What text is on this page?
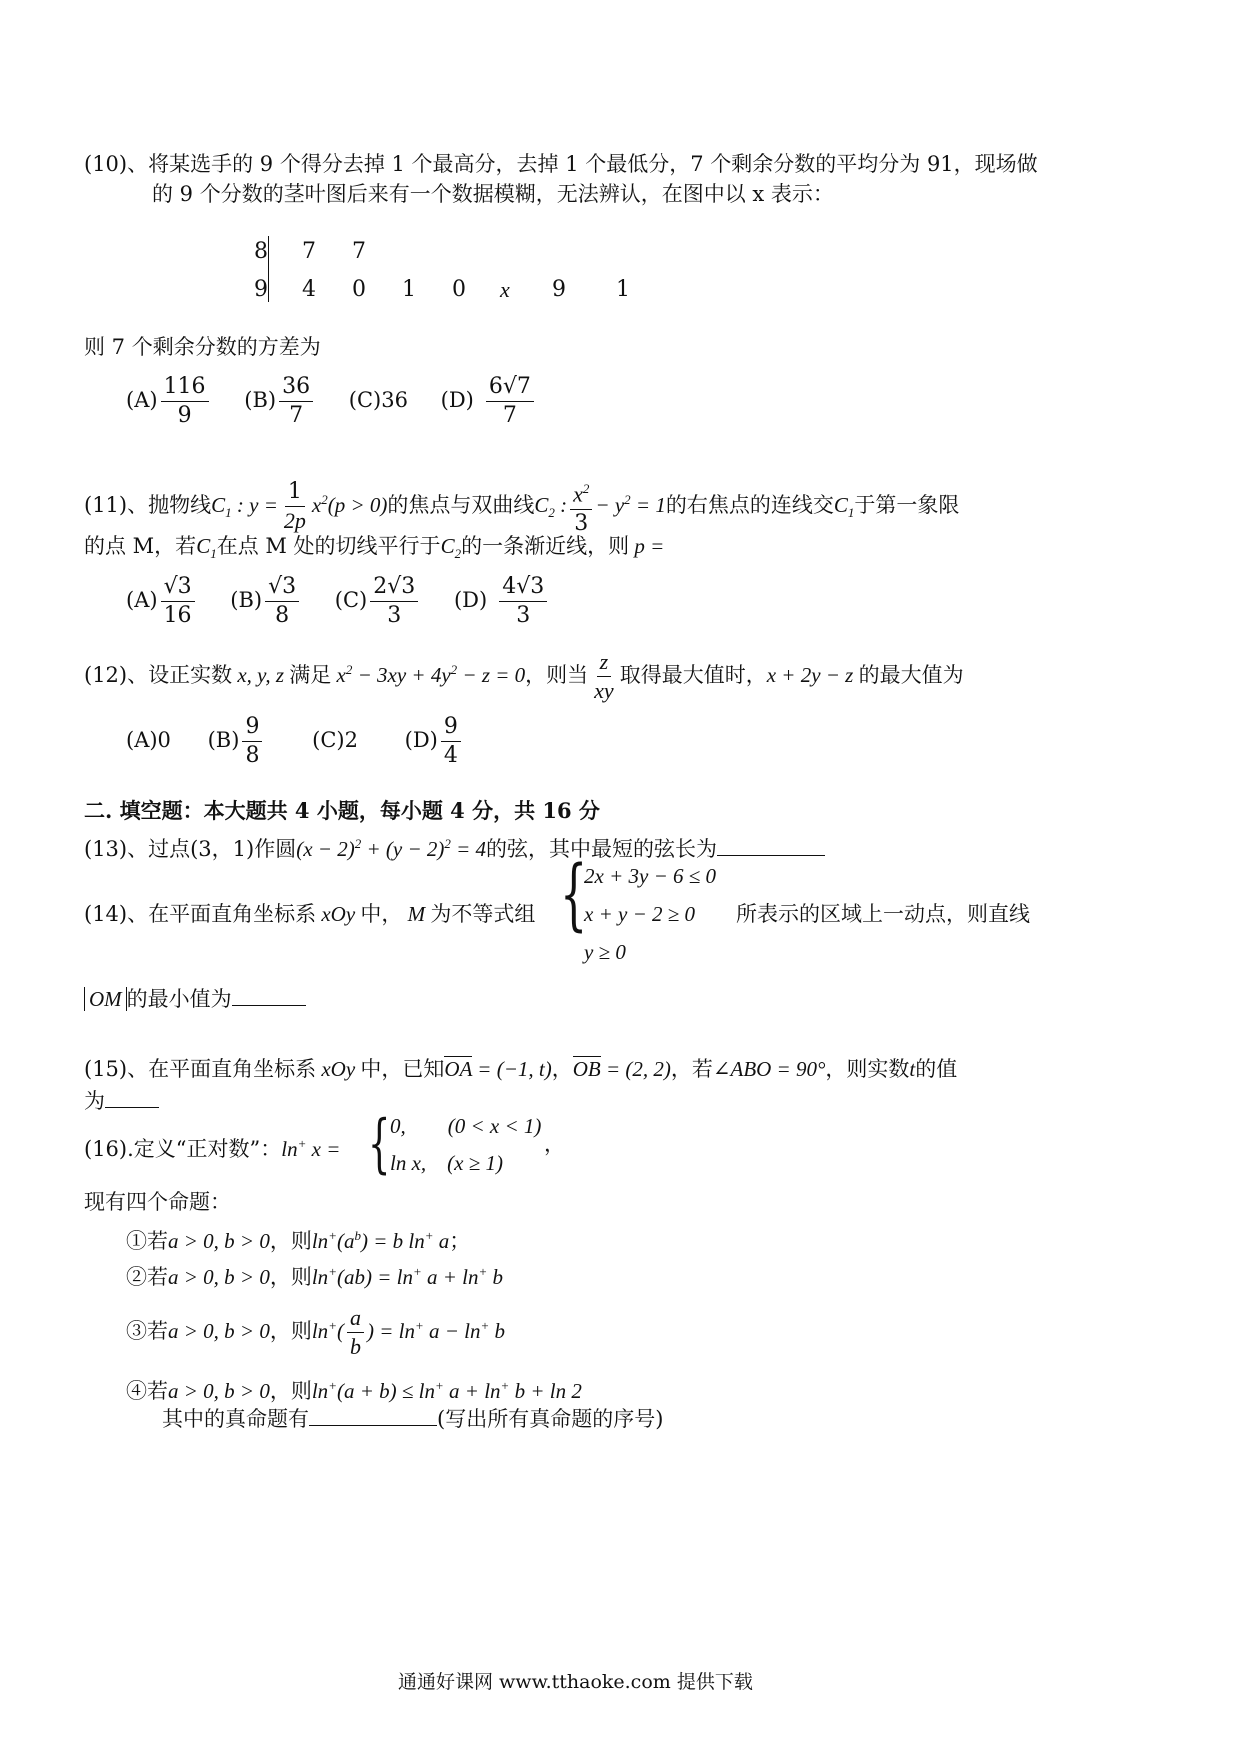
(10)、将某选手的 9 个得分去掉 1 个最高分，去掉 1 个最低分，7 个剩余分数的平均分为 91，现场做
的 9 个分数的茎叶图后来有一个数据模糊，无法辨认，在图中以 x 表示：
8 7 7
9 4 0 1 0 x 9 1
则 7 个剩余分数的方差为
$(A) \frac{116}{9} (B) \frac{36}{7} (C)36$ $(D) \frac{6√7}{7}$
(11)、抛物线$C_1$ : $y = \frac{1}{2p} x^2(p > 0)$的焦点与双曲线$C_2$ : $\frac{x^2}{3} - y^2 = 1$的右焦点的连线交$C_1$于第一象限
的点 M，若$C_1$在点 M 处的切线平行于$C_2$的一条渐近线，则 p =
$(A) \frac{√3}{16} (B) \frac{√3}{8} (C) \frac{2√3}{3} (D) \frac{4√3}{3}$
(12)、设正实数 x, y, z 满足 $x^2 - 3xy + 4y^2 - z = 0$，则当 $\frac{z}{xy}$ 取得最大值时，x + 2y − z 的最大值为
(A)0 $(B) \frac{9}{8} (C)2$ $(D) \frac{9}{4}$
二. 填空题：本大题共 4 小题，每小题 4 分，共 16 分
(13)、过点(3，1)作圆$(x - 2)^2 + (y - 2)^2 = 4$的弦，其中最短的弦长为
{
2x + 3y − 6 ≤ 0
x + y − 2 ≥ 0
y ≥ 0
(14)、在平面直角坐标系 xOy 中， M 为不等式组	所表示的区域上一动点，则直线
OM 的最小值为
(15)、在平面直角坐标系 xOy 中，已知OA = (−1, t)，OB = (2, 2)，若∠ABO = 90°，则实数t的值
为
{
(16).定义“正对数”：ln+ x =
0,　　(0 < x < 1)
ln x,　(x ≥ 1)
，
现有四个命题：
①若a > 0, b > 0，则$\ln^+(a^b) = b$ ln+ a；
②若a > 0, b > 0，则ln+(ab) = ln+ a + ln+ b
③若a > 0, b > 0，则$\ln^+( \frac{a}{b}$ ) = ln+ a − ln+ b
④若a > 0, b > 0，则ln+(a + b) ≤ ln+ a + ln+ b + ln 2
其中的真命题有	(写出所有真命题的序号)
通通好课网 www.tthaoke.com 提供下载
